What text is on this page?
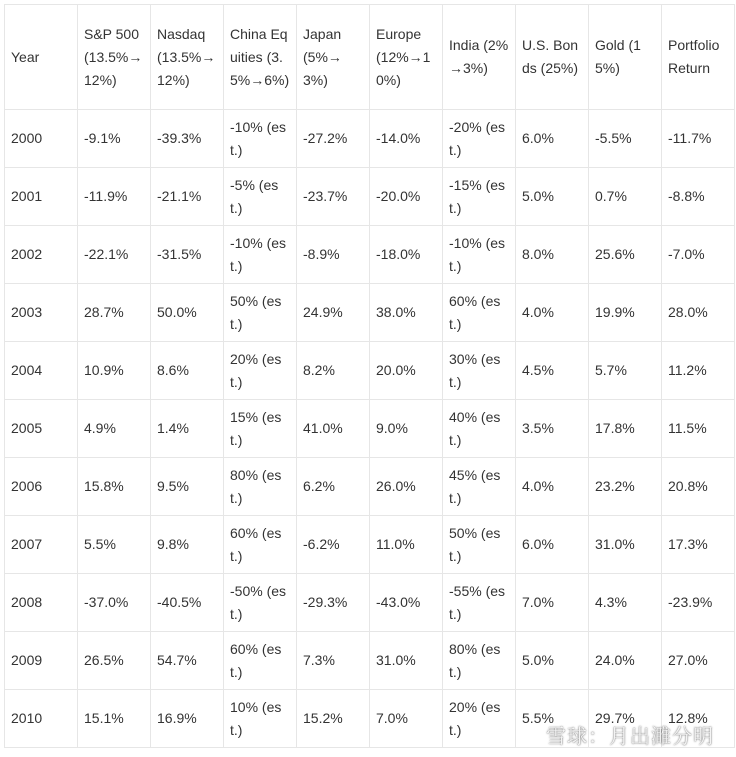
Year	S&P 500 (13.5%→12%)	Nasdaq (13.5%→12%)	China Equities (3.5%→6%)	Japan (5%→3%)	Europe (12%→10%)	India (2%→3%)	U.S. Bonds (25%)	Gold (15%)	Portfolio Return
2000	-9.1%	-39.3%	-10% (est.)	-27.2%	-14.0%	-20% (est.)	6.0%	-5.5%	-11.7%
2001	-11.9%	-21.1%	-5% (est.)	-23.7%	-20.0%	-15% (est.)	5.0%	0.7%	-8.8%
2002	-22.1%	-31.5%	-10% (est.)	-8.9%	-18.0%	-10% (est.)	8.0%	25.6%	-7.0%
2003	28.7%	50.0%	50% (est.)	24.9%	38.0%	60% (est.)	4.0%	19.9%	28.0%
2004	10.9%	8.6%	20% (est.)	8.2%	20.0%	30% (est.)	4.5%	5.7%	11.2%
2005	4.9%	1.4%	15% (est.)	41.0%	9.0%	40% (est.)	3.5%	17.8%	11.5%
2006	15.8%	9.5%	80% (est.)	6.2%	26.0%	45% (est.)	4.0%	23.2%	20.8%
2007	5.5%	9.8%	60% (est.)	-6.2%	11.0%	50% (est.)	6.0%	31.0%	17.3%
2008	-37.0%	-40.5%	-50% (est.)	-29.3%	-43.0%	-55% (est.)	7.0%	4.3%	-23.9%
2009	26.5%	54.7%	60% (est.)	7.3%	31.0%	80% (est.)	5.0%	24.0%	27.0%
2010	15.1%	16.9%	10% (est.)	15.2%	7.0%	20% (est.)	5.5%	29.7%	12.8%
雪球：月出濉分明
